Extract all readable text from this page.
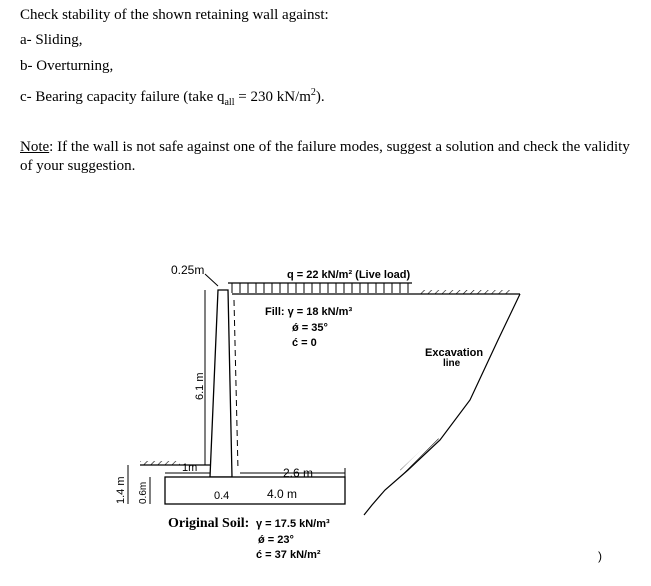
Check stability of the shown retaining wall against:
a- Sliding,
b- Overturning,
c- Bearing capacity failure (take $q_{all} = 230$ $kN/m^2$).
Note: If the wall is not safe against one of the failure modes, suggest a solution and check the validity of your suggestion.
0.25m	q = 22 kN/m² (Live load)
Fill: γ = 18 kN/m³
ǿ = 35°
ć = 0
6.1 m
Excavation
line
1m	2.6 m
0.4	4.0 m
1.4 m 0.6m
Original Soil: γ = 17.5 kN/m³
ǿ = 23°
ć = 37 kN/m²	)
